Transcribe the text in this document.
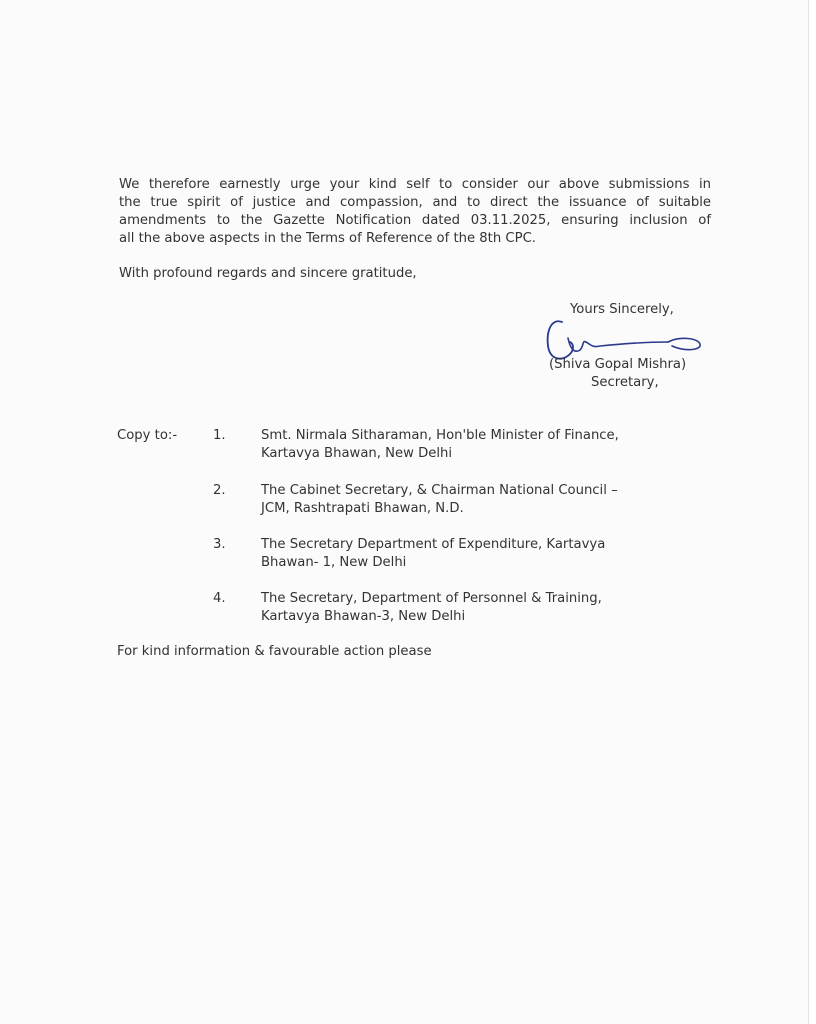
We therefore earnestly urge your kind self to consider our above submissions in
the true spirit of justice and compassion, and to direct the issuance of suitable
amendments to the Gazette Notification dated 03.11.2025, ensuring inclusion of
all the above aspects in the Terms of Reference of the 8th CPC.

With profound regards and sincere gratitude,

Yours Sincerely,
(Shiva Gopal Mishra)
Secretary,
Copy to:-	1.	Smt. Nirmala Sitharaman, Hon'ble Minister of Finance,
Kartavya Bhawan, New Delhi
2.	The Cabinet Secretary, & Chairman National Council –
JCM, Rashtrapati Bhawan, N.D.
3.	The Secretary Department of Expenditure, Kartavya
Bhawan- 1, New Delhi
4.	The Secretary, Department of Personnel & Training,
Kartavya Bhawan-3, New Delhi
For kind information & favourable action please
